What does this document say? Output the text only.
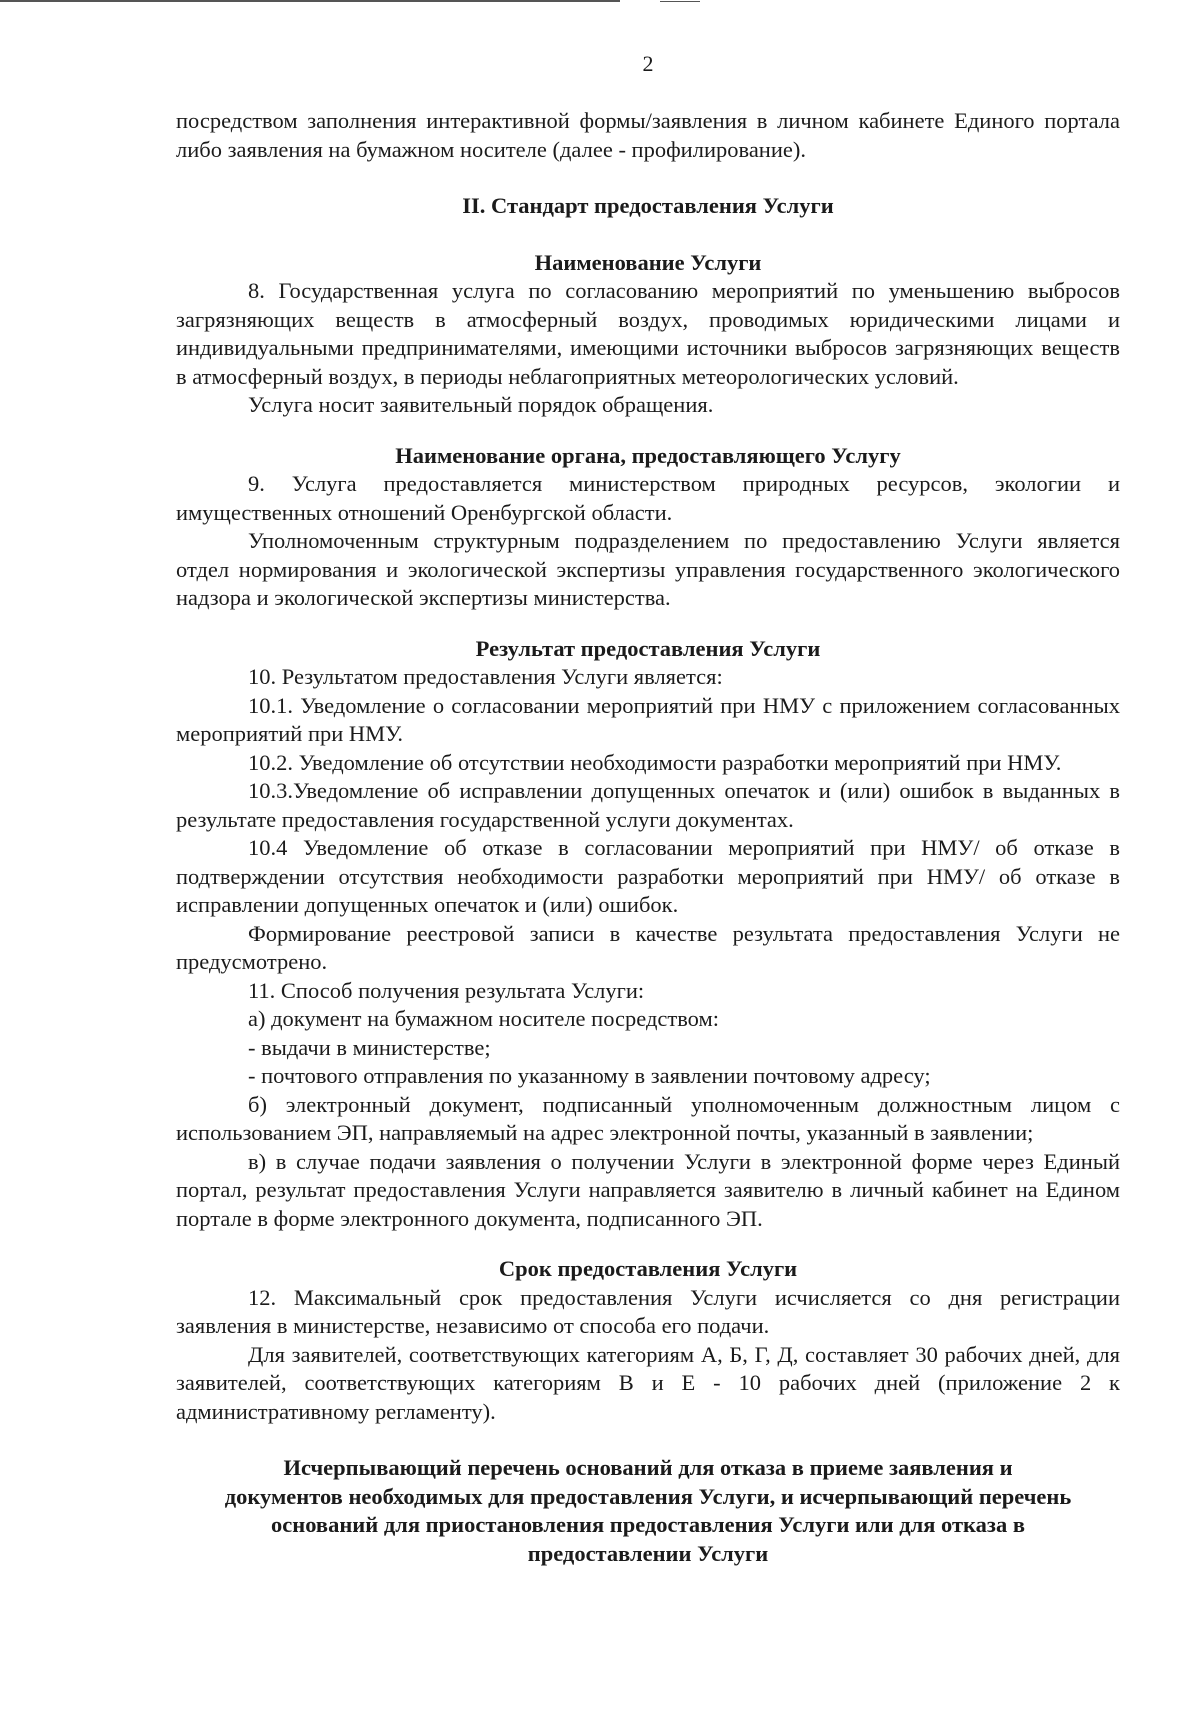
2

посредством заполнения интерактивной формы/заявления в личном кабинете Единого портала либо заявления на бумажном носителе (далее - профилирование).

II. Стандарт предоставления Услуги

Наименование Услуги

8. Государственная услуга по согласованию мероприятий по уменьшению выбросов загрязняющих веществ в атмосферный воздух, проводимых юридическими лицами и индивидуальными предпринимателями, имеющими источники выбросов загрязняющих веществ в атмосферный воздух, в периоды неблагоприятных метеорологических условий.

Услуга носит заявительный порядок обращения.

Наименование органа, предоставляющего Услугу

9. Услуга предоставляется министерством природных ресурсов, экологии и имущественных отношений Оренбургской области.

Уполномоченным структурным подразделением по предоставлению Услуги является отдел нормирования и экологической экспертизы управления государственного экологического надзора и экологической экспертизы министерства.

Результат предоставления Услуги

10. Результатом предоставления Услуги является:

10.1. Уведомление о согласовании мероприятий при НМУ с приложением согласованных мероприятий при НМУ.

10.2. Уведомление об отсутствии необходимости разработки мероприятий при НМУ.

10.3.Уведомление об исправлении допущенных опечаток и (или) ошибок в выданных в результате предоставления государственной услуги документах.

10.4 Уведомление об отказе в согласовании мероприятий при НМУ/ об отказе в подтверждении отсутствия необходимости разработки мероприятий при НМУ/ об отказе в исправлении допущенных опечаток и (или) ошибок.

Формирование реестровой записи в качестве результата предоставления Услуги не предусмотрено.

11. Способ получения результата Услуги:

а) документ на бумажном носителе посредством:

- выдачи в министерстве;

- почтового отправления по указанному в заявлении почтовому адресу;

б) электронный документ, подписанный уполномоченным должностным лицом с использованием ЭП, направляемый на адрес электронной почты, указанный в заявлении;

в) в случае подачи заявления о получении Услуги в электронной форме через Единый портал, результат предоставления Услуги направляется заявителю в личный кабинет на Едином портале в форме электронного документа, подписанного ЭП.

Срок предоставления Услуги

12. Максимальный срок предоставления Услуги исчисляется со дня регистрации заявления в министерстве, независимо от способа его подачи.

Для заявителей, соответствующих категориям А, Б, Г, Д, составляет 30 рабочих дней, для заявителей, соответствующих категориям В и Е - 10 рабочих дней (приложение 2 к административному регламенту).

Исчерпывающий перечень оснований для отказа в приеме заявления и

документов необходимых для предоставления Услуги, и исчерпывающий перечень

оснований для приостановления предоставления Услуги или для отказа в

предоставлении Услуги
